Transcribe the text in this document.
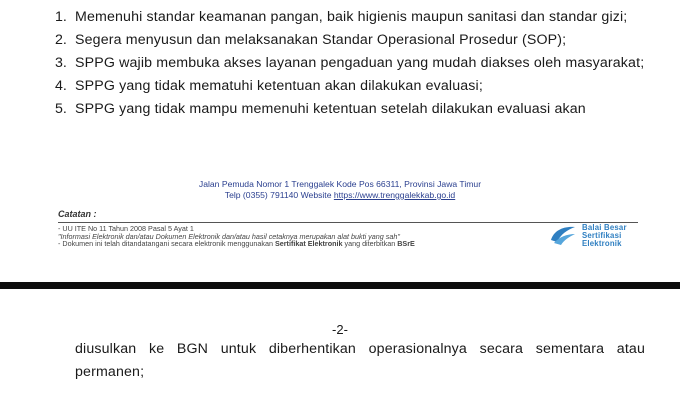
1. Memenuhi standar keamanan pangan, baik higienis maupun sanitasi dan standar gizi;
2. Segera menyusun dan melaksanakan Standar Operasional Prosedur (SOP);
3. SPPG wajib membuka akses layanan pengaduan yang mudah diakses oleh masyarakat;
4. SPPG yang tidak mematuhi ketentuan akan dilakukan evaluasi;
5. SPPG yang tidak mampu memenuhi ketentuan setelah dilakukan evaluasi akan
Jalan Pemuda Nomor 1 Trenggalek Kode Pos 66311, Provinsi Jawa Timur
Telp (0355) 791140 Website https://www.trenggalekkab.go.id
Catatan :
- UU ITE No 11 Tahun 2008 Pasal 5 Ayat 1
"Informasi Elektronik dan/atau Dokumen Elektronik dan/atau hasil cetaknya merupakan alat bukti yang sah"
- Dokumen ini telah ditandatangani secara elektronik menggunakan Sertifikat Elektronik yang diterbitkan BSrE
Balai Besar
Sertifikasi
Elektronik
-2-
diusulkan ke BGN untuk diberhentikan operasionalnya secara sementara atau permanen;
